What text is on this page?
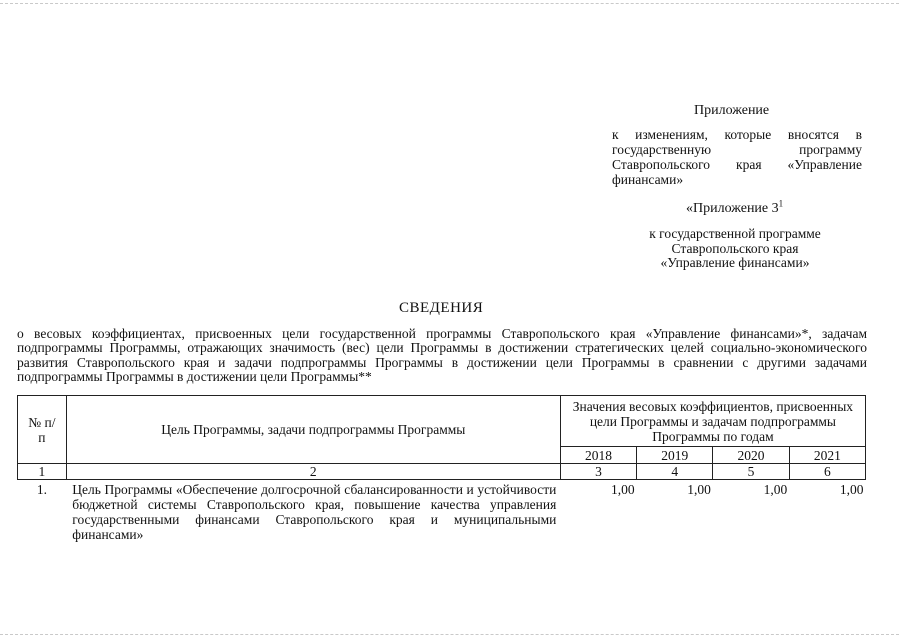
Приложение
к изменениям, которые вносятся в государственную программу Ставропольского края «Управление финансами»
«Приложение $3^1$
к государственной программе
Ставропольского края
«Управление финансами»
СВЕДЕНИЯ
о весовых коэффициентах, присвоенных цели государственной программы Ставропольского края «Управление финансами»*, задачам подпрограммы Программы, отражающих значимость (вес) цели Программы в достижении стратегических целей социально-экономического развития Ставропольского края и задачи подпрограммы Программы в достижении цели Программы в сравнении с другими задачами подпрограммы Программы в достижении цели Программы**
№ п/п	Цель Программы, задачи подпрограммы Программы	Значения весовых коэффициентов, присвоенных цели Программы и задачам подпрограммы Программы по годам			
		2018	2019	2020	2021
1	2	3	4	5	6
1.	Цель Программы «Обеспечение долгосрочной сбалансированности и устойчивости бюджетной системы Ставропольского края, повышение качества управления государственными финансами Ставропольского края и муниципальными финансами»	1,00	1,00	1,00	1,00
